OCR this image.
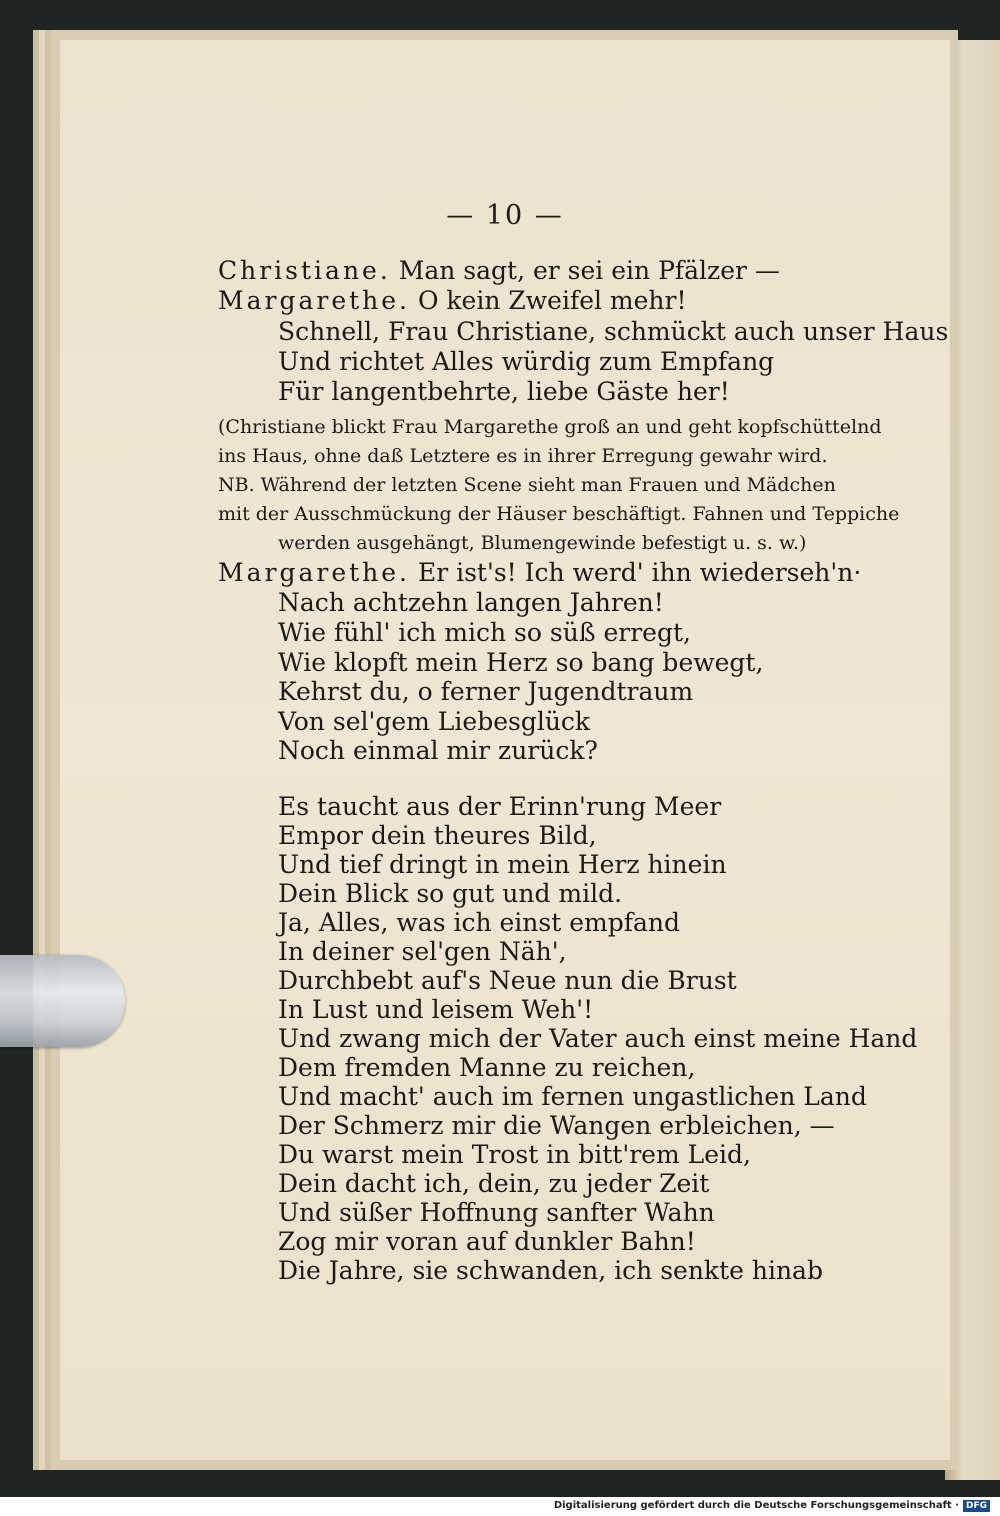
— 10 —
Christiane. Man sagt, er sei ein Pfälzer —
Margarethe. O kein Zweifel mehr!
Schnell, Frau Christiane, schmückt auch unser Haus
Und richtet Alles würdig zum Empfang
Für langentbehrte, liebe Gäste her!
(Christiane blickt Frau Margarethe groß an und geht kopfschüttelnd
ins Haus, ohne daß Letztere es in ihrer Erregung gewahr wird.
NB. Während der letzten Scene sieht man Frauen und Mädchen
mit der Ausschmückung der Häuser beschäftigt. Fahnen und Teppiche
werden ausgehängt, Blumengewinde befestigt u. s. w.)
Margarethe. Er ist's! Ich werd' ihn wiederseh'n·
Nach achtzehn langen Jahren!
Wie fühl' ich mich so süß erregt,
Wie klopft mein Herz so bang bewegt,
Kehrst du, o ferner Jugendtraum
Von sel'gem Liebesglück
Noch einmal mir zurück?
Es taucht aus der Erinn'rung Meer
Empor dein theures Bild,
Und tief dringt in mein Herz hinein
Dein Blick so gut und mild.
Ja, Alles, was ich einst empfand
In deiner sel'gen Näh',
Durchbebt auf's Neue nun die Brust
In Lust und leisem Weh'!
Und zwang mich der Vater auch einst meine Hand
Dem fremden Manne zu reichen,
Und macht' auch im fernen ungastlichen Land
Der Schmerz mir die Wangen erbleichen, —
Du warst mein Trost in bitt'rem Leid,
Dein dacht ich, dein, zu jeder Zeit
Und süßer Hoffnung sanfter Wahn
Zog mir voran auf dunkler Bahn!
Die Jahre, sie schwanden, ich senkte hinab
Digitalisierung gefördert durch die Deutsche Forschungsgemeinschaft · DFG
